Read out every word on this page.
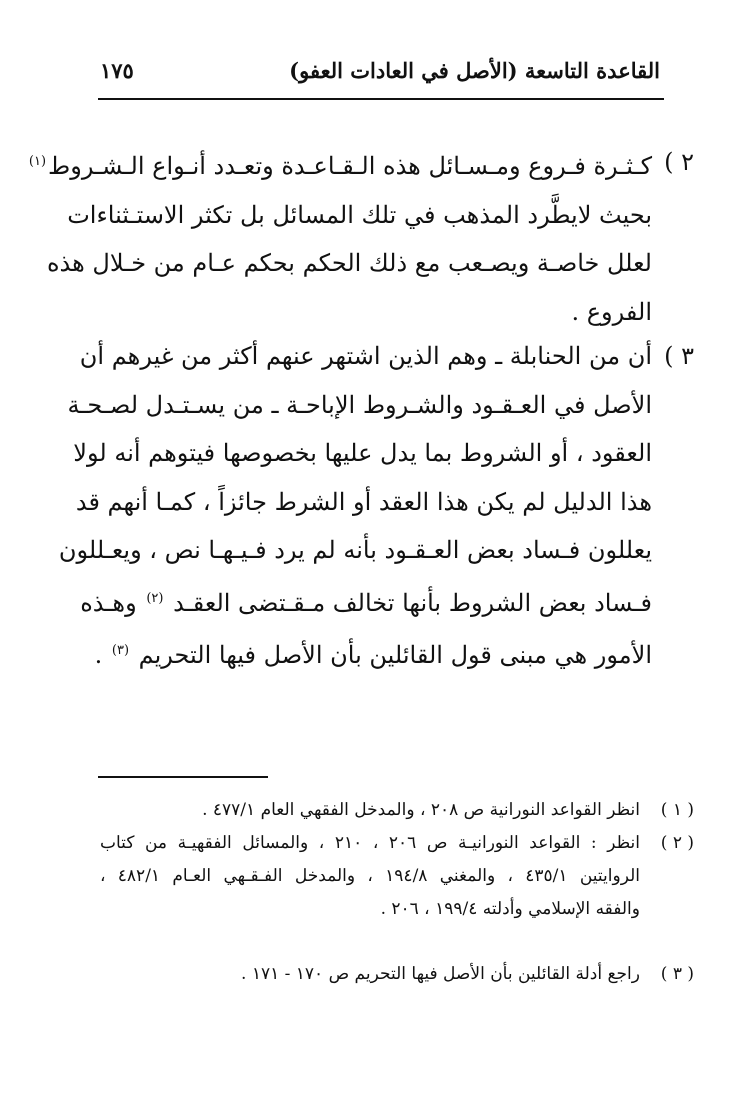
القاعدة التاسعة (الأصل في العادات العفو)
١٧٥
٢ )
كـثـرة فـروع ومـسـائل هذه الـقـاعـدة وتعـدد أنـواع الـشـروط$^{(١)}$
بحيث لايطَّرد المذهب في تلك المسائل بل تكثر الاستـثناءات
لعلل خاصـة ويصـعب مع ذلك الحكم بحكم عـام من خـلال هذه
الفروع .
٣ )
أن من الحنابلة ـ وهم الذين اشتهر عنهم أكثر من غيرهم أن
الأصل في العـقـود والشـروط الإباحـة ـ من يسـتـدل لصـحـة
العقود ، أو الشروط بما يدل عليها بخصوصها فيتوهم أنه لولا
هذا الدليل لم يكن هذا العقد أو الشرط جائزاً ، كمـا أنهم قد
يعللون فـساد بعض العـقـود بأنه لم يرد فـيـهـا نص ، ويعـللون
فـساد بعض الشروط بأنها تخالف مـقـتضى العقـد $^{(٢)}$ وهـذه
الأمور هي مبنى قول القائلين بأن الأصل فيها التحريم $^{(٣)}$ .
( ١ )
انظر القواعد النورانية ص ٢٠٨ ، والمدخل الفقهي العام ٤٧٧/١ .
( ٢ )
انظر : القواعد النورانيـة ص ٢٠٦ ، ٢١٠ ، والمسائل الفقهيـة من كتاب
الروايتين ٤٣٥/١ ، والمغني ١٩٤/٨ ، والمدخل الفـقـهي العـام ٤٨٢/١ ،
والفقه الإسلامي وأدلته ١٩٩/٤ ، ٢٠٦ .
( ٣ )
راجع أدلة القائلين بأن الأصل فيها التحريم ص ١٧٠ - ١٧١ .
